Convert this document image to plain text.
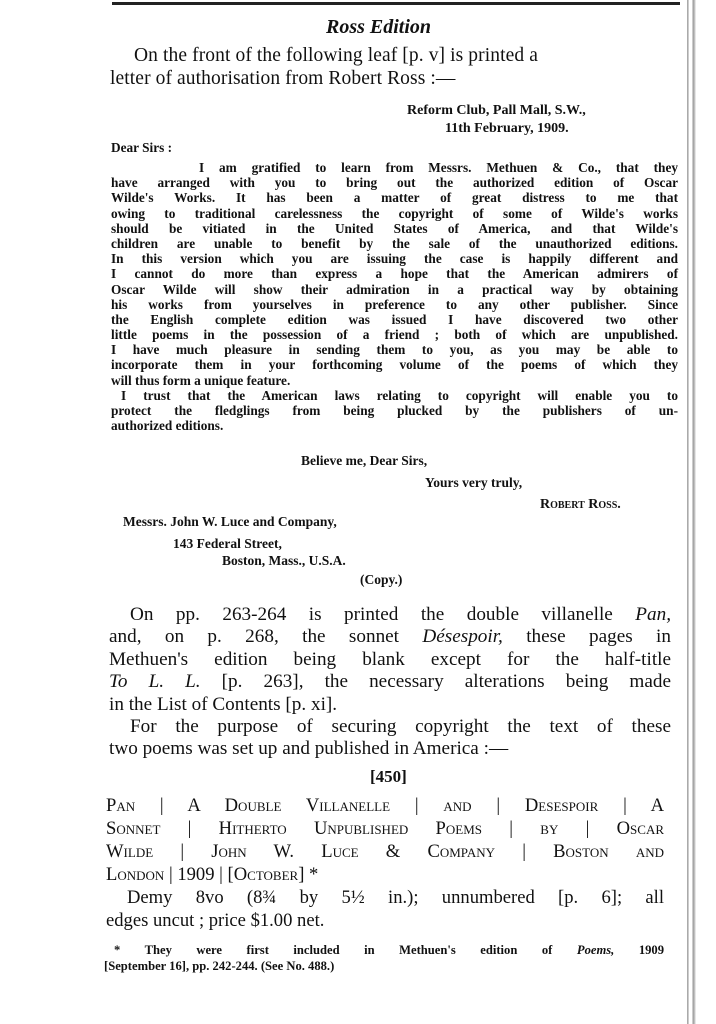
Ross Edition
On the front of the following leaf [p. v] is printed a
letter of authorisation from Robert Ross :—
Reform Club, Pall Mall, S.W.,
11th February, 1909.
Dear Sirs :
I am gratified to learn from Messrs. Methuen & Co., that they
have arranged with you to bring out the authorized edition of Oscar
Wilde's Works. It has been a matter of great distress to me that
owing to traditional carelessness the copyright of some of Wilde's works
should be vitiated in the United States of America, and that Wilde's
children are unable to benefit by the sale of the unauthorized editions.
In this version which you are issuing the case is happily different and
I cannot do more than express a hope that the American admirers of
Oscar Wilde will show their admiration in a practical way by obtaining
his works from yourselves in preference to any other publisher. Since
the English complete edition was issued I have discovered two other
little poems in the possession of a friend ; both of which are unpublished.
I have much pleasure in sending them to you, as you may be able to
incorporate them in your forthcoming volume of the poems of which they
will thus form a unique feature.
I trust that the American laws relating to copyright will enable you to
protect the fledglings from being plucked by the publishers of un-
authorized editions.
Believe me, Dear Sirs,
Yours very truly,
Robert Ross.
Messrs. John W. Luce and Company,
143 Federal Street,
Boston, Mass., U.S.A.
(Copy.)
On pp. 263-264 is printed the double villanelle Pan,
and, on p. 268, the sonnet Désespoir, these pages in
Methuen's edition being blank except for the half-title
To L. L. [p. 263], the necessary alterations being made
in the List of Contents [p. xi].
For the purpose of securing copyright the text of these
two poems was set up and published in America :—
[450]
Pan | A Double Villanelle | and | Desespoir | A
Sonnet | Hitherto Unpublished Poems | by | Oscar
Wilde | John W. Luce & Company | Boston and
London | 1909 | [October] *
Demy 8vo (8¾ by 5½ in.); unnumbered [p. 6]; all
edges uncut ; price $1.00 net.
* They were first included in Methuen's edition of Poems, 1909
[September 16], pp. 242-244. (See No. 488.)
